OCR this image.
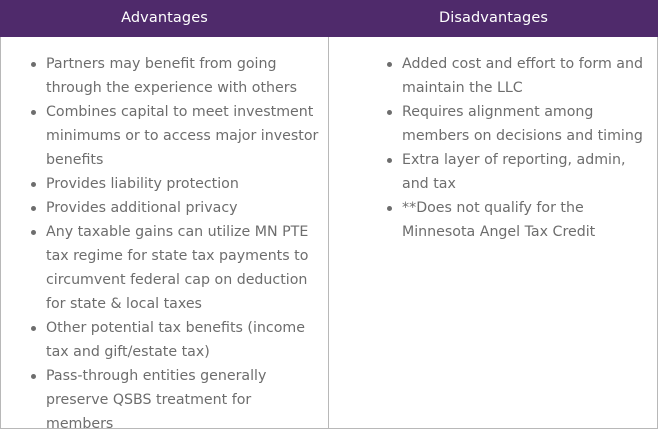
Advantages	Disadvantages
Partners may benefit from going through the experience with others
Combines capital to meet investment minimums or to access major investor benefits
Provides liability protection
Provides additional privacy
Any taxable gains can utilize MN PTE tax regime for state tax payments to circumvent federal cap on deduction for state & local taxes
Other potential tax benefits (income tax and gift/estate tax)
Pass-through entities generally preserve QSBS treatment for members
Added cost and effort to form and maintain the LLC
Requires alignment among members on decisions and timing
Extra layer of reporting, admin, and tax
**Does not qualify for the Minnesota Angel Tax Credit
